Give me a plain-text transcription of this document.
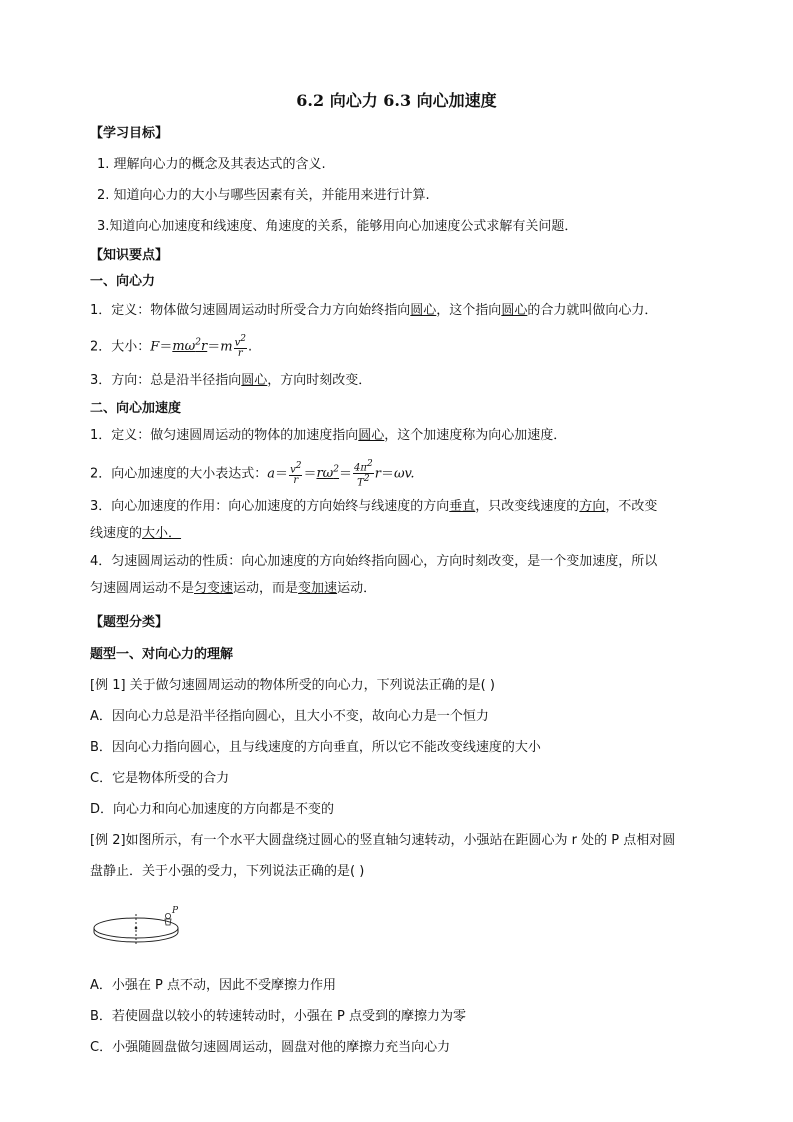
6.2 向心力 6.3 向心加速度
【学习目标】
1. 理解向心力的概念及其表达式的含义.
2. 知道向心力的大小与哪些因素有关，并能用来进行计算.
3.知道向心加速度和线速度、角速度的关系，能够用向心加速度公式求解有关问题．
【知识要点】
一、向心力
1．定义：物体做匀速圆周运动时所受合力方向始终指向圆心，这个指向圆心的合力就叫做向心力．
2．大小：$F=m\omega^2r=m \frac{v^2}{r}$ .
3．方向：总是沿半径指向圆心，方向时刻改变．
二、向心加速度
1．定义：做匀速圆周运动的物体的加速度指向圆心，这个加速度称为向心加速度．
2．向心加速度的大小表达式：$a= \frac{v^2}{r} =r\omega^2= \frac{4\pi^2}{T^2} r=\omega v$.
3．向心加速度的作用：向心加速度的方向始终与线速度的方向垂直，只改变线速度的方向，不改变
线速度的大小．
4．匀速圆周运动的性质：向心加速度的方向始终指向圆心，方向时刻改变，是一个变加速度，所以
匀速圆周运动不是匀变速运动，而是变加速运动．
【题型分类】
题型一、对向心力的理解
[例 1] 关于做匀速圆周运动的物体所受的向心力，下列说法正确的是( )
A．因向心力总是沿半径指向圆心，且大小不变，故向心力是一个恒力
B．因向心力指向圆心，且与线速度的方向垂直，所以它不能改变线速度的大小
C．它是物体所受的合力
D．向心力和向心加速度的方向都是不变的
[例 2]如图所示，有一个水平大圆盘绕过圆心的竖直轴匀速转动，小强站在距圆心为 r 处的 P 点相对圆
盘静止．关于小强的受力，下列说法正确的是( )
P
A．小强在 P 点不动，因此不受摩擦力作用
B．若使圆盘以较小的转速转动时，小强在 P 点受到的摩擦力为零
C．小强随圆盘做匀速圆周运动，圆盘对他的摩擦力充当向心力
